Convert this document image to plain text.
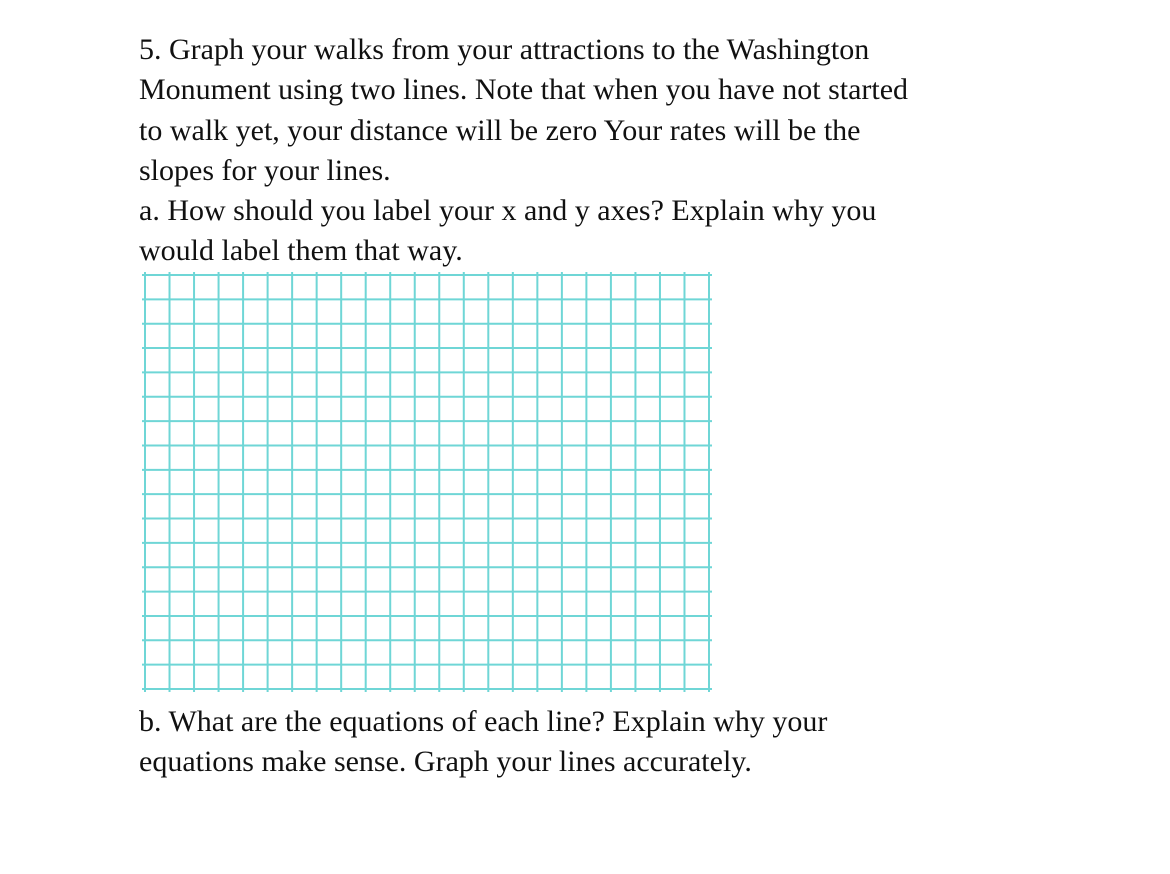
5. Graph your walks from your attractions to the Washington
Monument using two lines. Note that when you have not started
to walk yet, your distance will be zero Your rates will be the
slopes for your lines.
a. How should you label your x and y axes? Explain why you
would label them that way.
b. What are the equations of each line? Explain why your
equations make sense. Graph your lines accurately.
